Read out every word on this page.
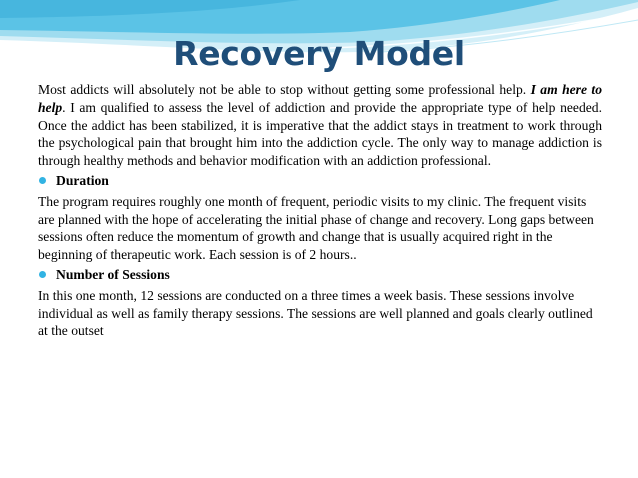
Recovery Model

Most addicts will absolutely not be able to stop without getting some professional help. I am here to help. I am qualified to assess the level of addiction and provide the appropriate type of help needed. Once the addict has been stabilized, it is imperative that the addict stays in treatment to work through the psychological pain that brought him into the addiction cycle. The only way to manage addiction is through healthy methods and behavior modification with an addiction professional.

Duration

The program requires roughly one month of frequent, periodic visits to my clinic. The frequent visits are planned with the hope of accelerating the initial phase of change and recovery. Long gaps between sessions often reduce the momentum of growth and change that is usually acquired right in the beginning of therapeutic work. Each session is of 2 hours..

Number of Sessions

In this one month, 12 sessions are conducted on a three times a week basis. These sessions involve individual as well as family therapy sessions. The sessions are well planned and goals clearly outlined at the outset
